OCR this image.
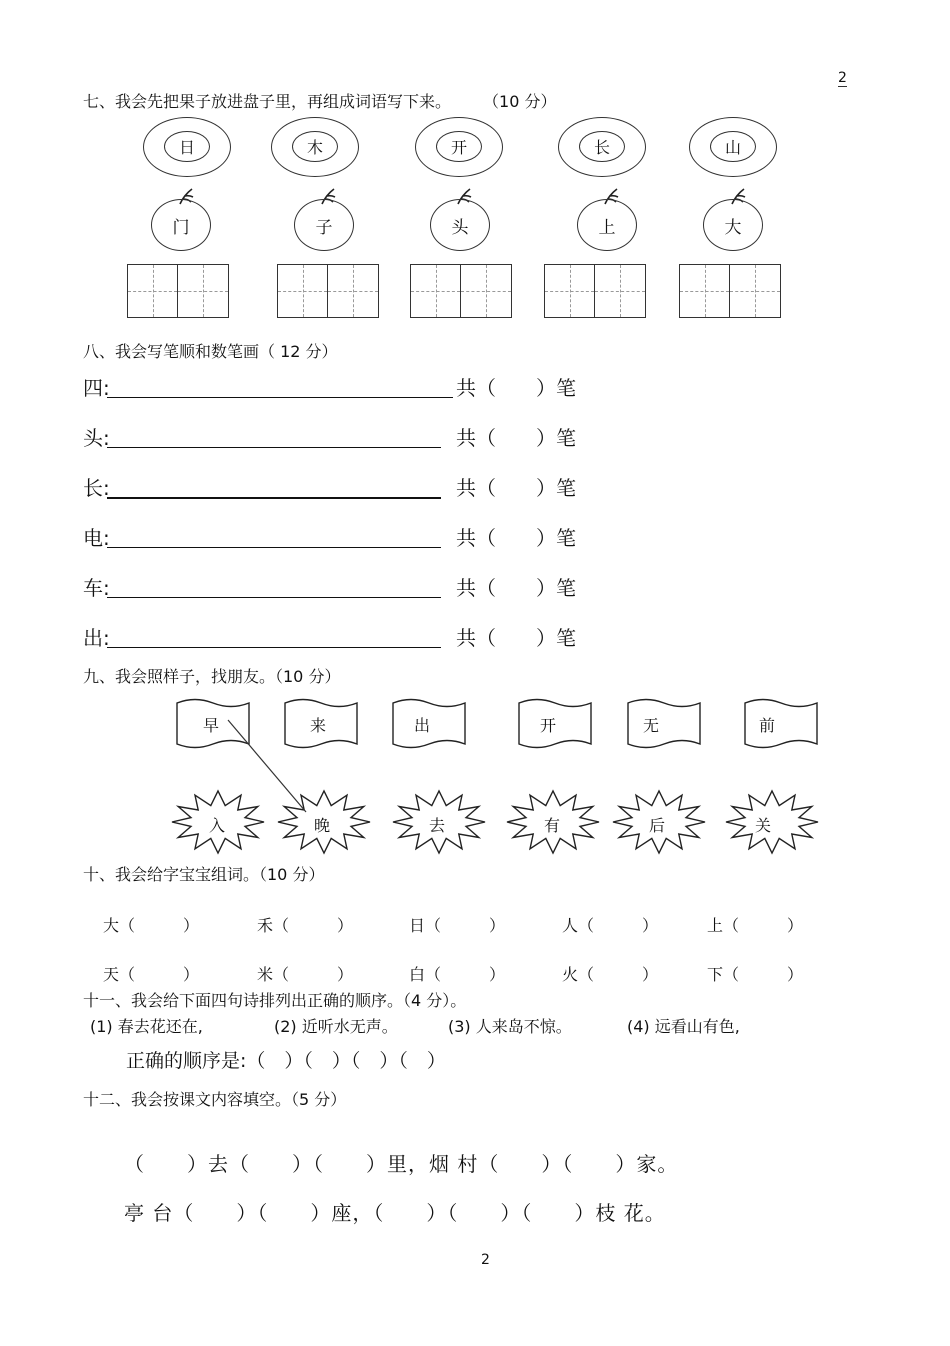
2
2
七、我会先把果子放进盘子里，再组成词语写下来。	（10 分）
日	木	开	长	山
门	子	头	上	大
八、我会写笔顺和数笔画（ 12 分）
四:	共（　　）笔
头:	共（　　）笔
长:	共（　　）笔
电:	共（　　）笔
车:	共（　　）笔
出:	共（　　）笔
九、我会照样子，找朋友。（10 分）
早	来	出	开	无	前
入	晚	去	有	后	关
十、我会给字宝宝组词。（10 分）
大（　　　）	禾（　　　）	日（　　　）	人（　　　）	上（　　　）
天（　　　）	米（　　　）	白（　　　）	火（　　　）	下（　　　）
十一、我会给下面四句诗排列出正确的顺序。（4 分）。
(1) 春去花还在,	(2) 近听水无声。	(3) 人来岛不惊。	(4) 远看山有色,
正确的顺序是:（　）（　）（　）（　）
十二、我会按课文内容填空。（5 分）
（　　）去（　　）（　　）里，烟 村（　　）（　　）家。
亭 台（　　）（　　）座，（　　）（　　）（　　）枝 花。
